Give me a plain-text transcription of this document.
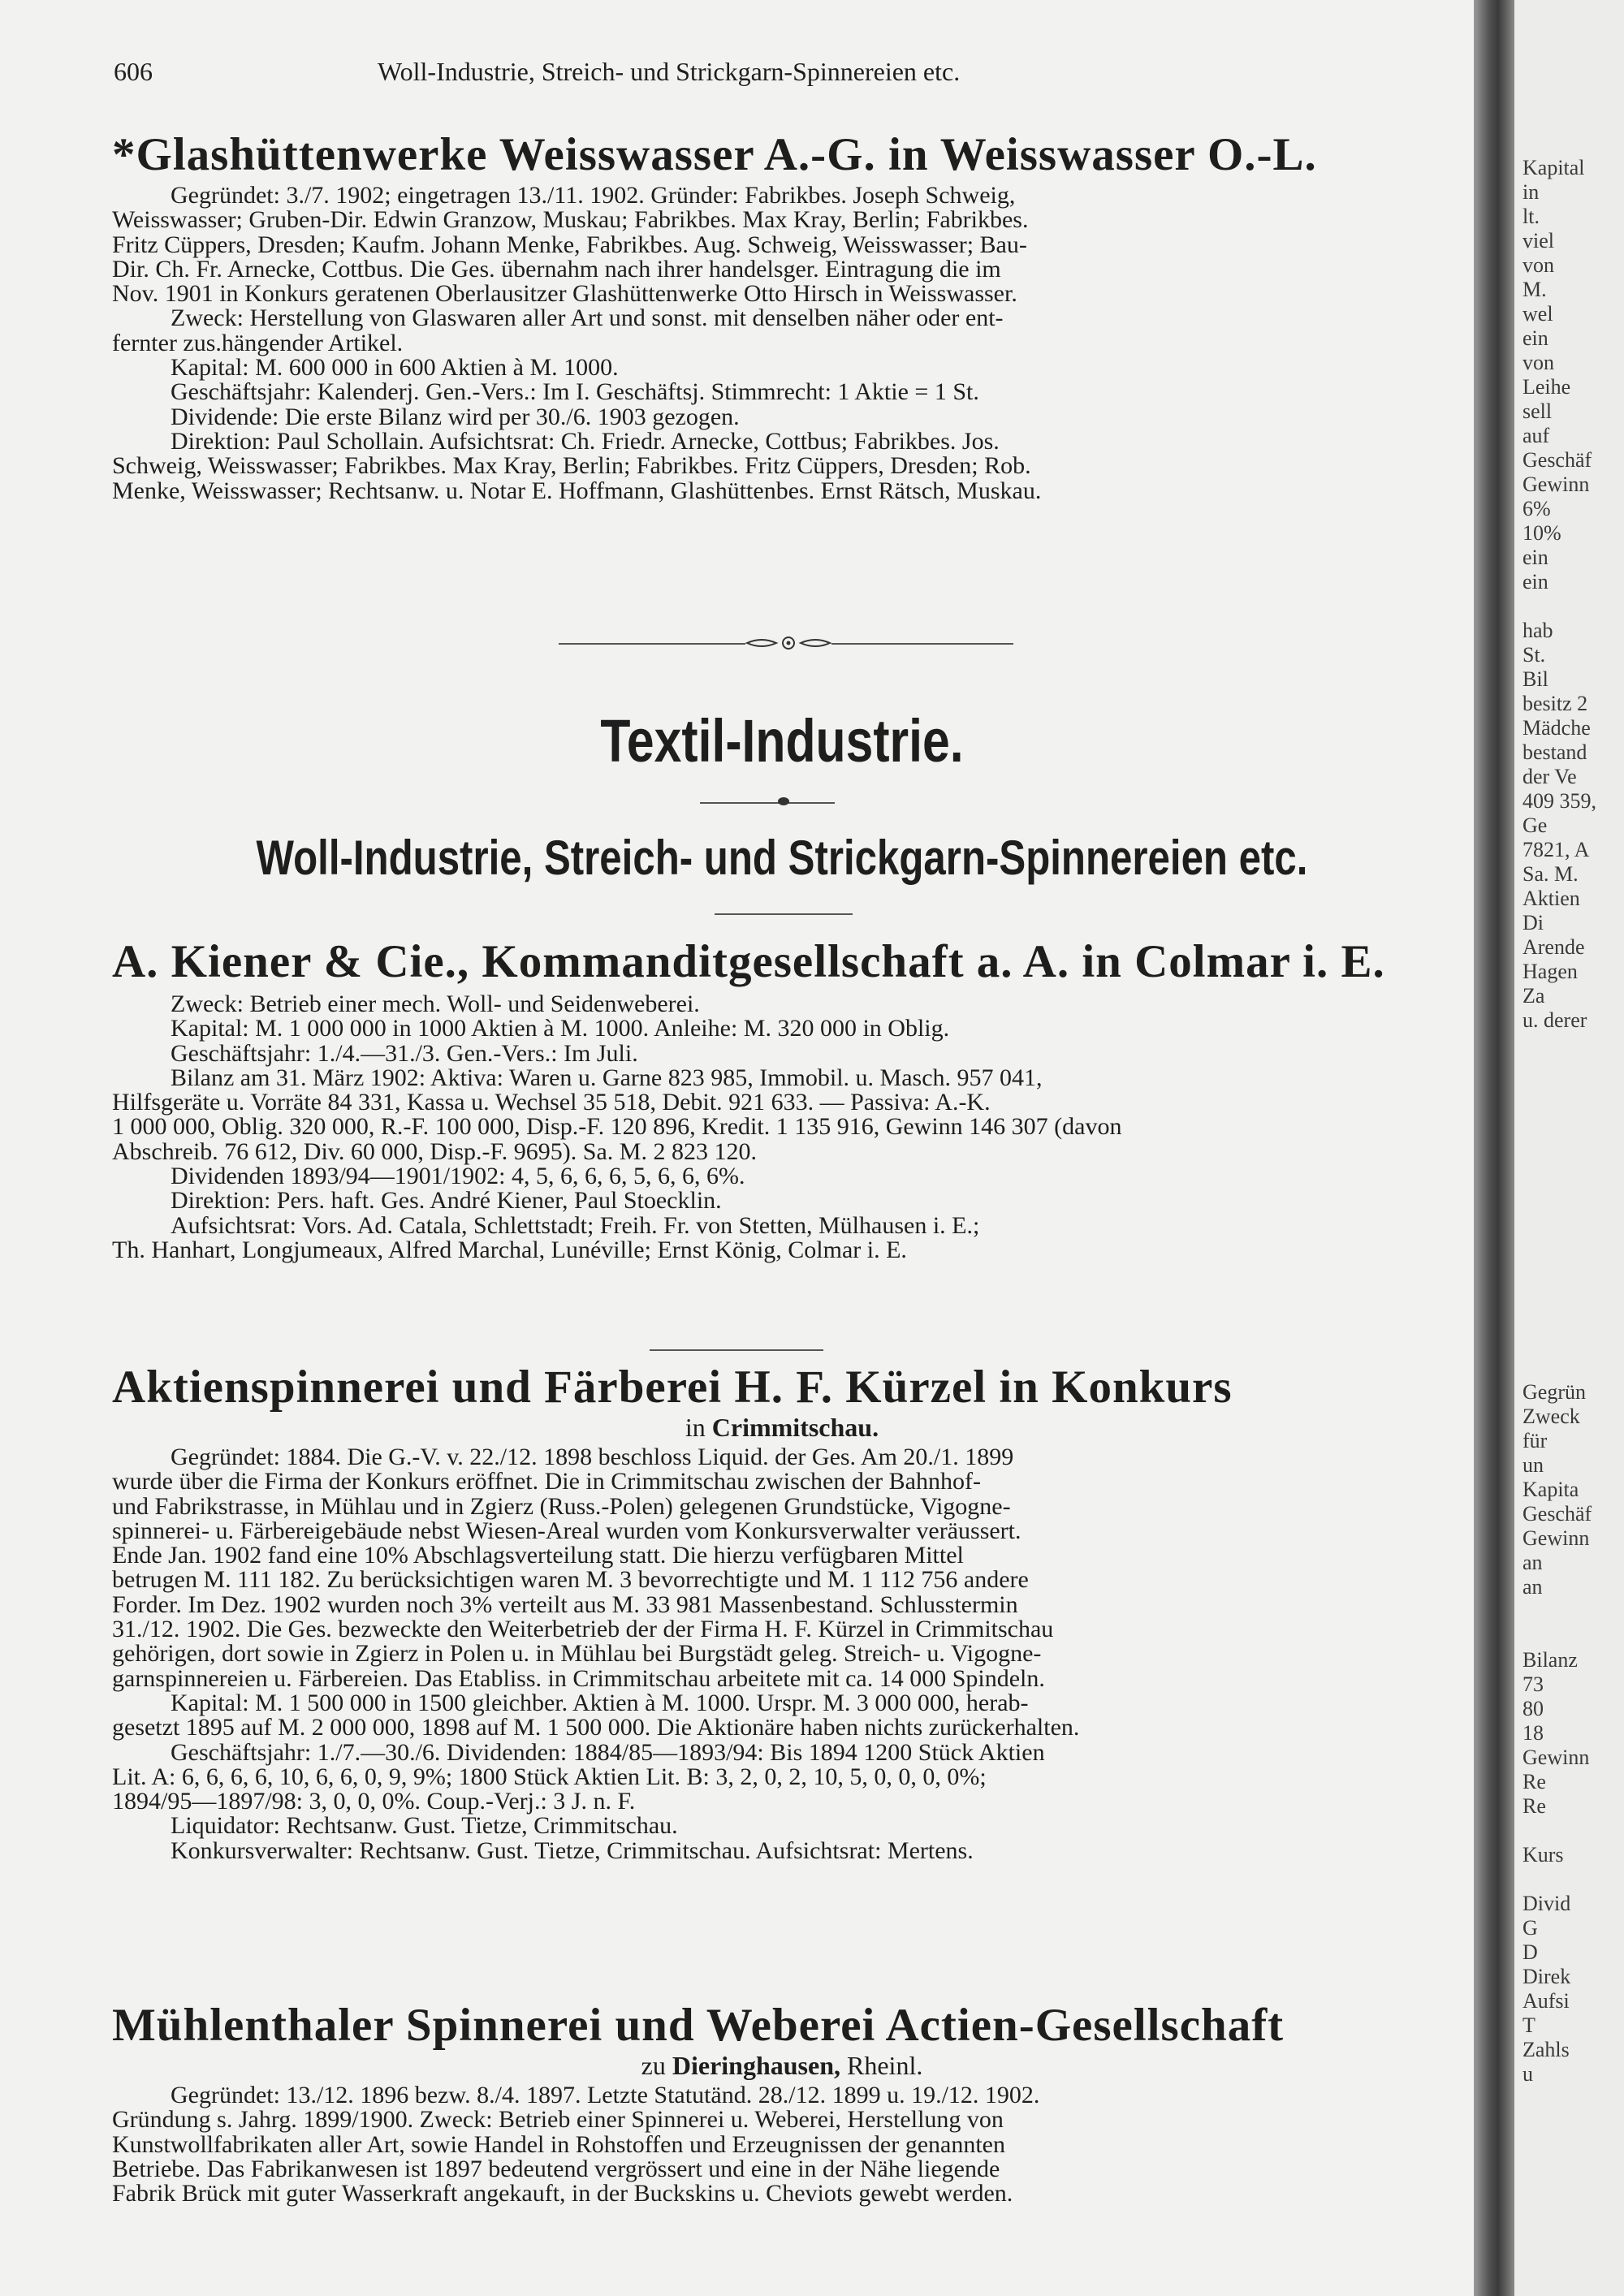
606	Woll-Industrie, Streich- und Strickgarn-Spinnereien etc.
*Glashüttenwerke Weisswasser A.-G. in Weisswasser O.-L.

Gegründet: 3./7. 1902; eingetragen 13./11. 1902. Gründer: Fabrikbes. Joseph Schweig,

Weisswasser; Gruben-Dir. Edwin Granzow, Muskau; Fabrikbes. Max Kray, Berlin; Fabrikbes.

Fritz Cüppers, Dresden; Kaufm. Johann Menke, Fabrikbes. Aug. Schweig, Weisswasser; Bau-

Dir. Ch. Fr. Arnecke, Cottbus. Die Ges. übernahm nach ihrer handelsger. Eintragung die im

Nov. 1901 in Konkurs geratenen Oberlausitzer Glashüttenwerke Otto Hirsch in Weisswasser.

Zweck: Herstellung von Glaswaren aller Art und sonst. mit denselben näher oder ent-

fernter zus.hängender Artikel.

Kapital: M. 600 000 in 600 Aktien à M. 1000.

Geschäftsjahr: Kalenderj. Gen.-Vers.: Im I. Geschäftsj. Stimmrecht: 1 Aktie = 1 St.

Dividende: Die erste Bilanz wird per 30./6. 1903 gezogen.

Direktion: Paul Schollain. Aufsichtsrat: Ch. Friedr. Arnecke, Cottbus; Fabrikbes. Jos.

Schweig, Weisswasser; Fabrikbes. Max Kray, Berlin; Fabrikbes. Fritz Cüppers, Dresden; Rob.

Menke, Weisswasser; Rechtsanw. u. Notar E. Hoffmann, Glashüttenbes. Ernst Rätsch, Muskau.

Textil-Industrie.
Woll-Industrie, Streich- und Strickgarn-Spinnereien etc.
A. Kiener & Cie., Kommanditgesellschaft a. A. in Colmar i. E.

Zweck: Betrieb einer mech. Woll- und Seidenweberei.

Kapital: M. 1 000 000 in 1000 Aktien à M. 1000. Anleihe: M. 320 000 in Oblig.

Geschäftsjahr: 1./4.—31./3. Gen.-Vers.: Im Juli.

Bilanz am 31. März 1902: Aktiva: Waren u. Garne 823 985, Immobil. u. Masch. 957 041,

Hilfsgeräte u. Vorräte 84 331, Kassa u. Wechsel 35 518, Debit. 921 633. — Passiva: A.-K.

1 000 000, Oblig. 320 000, R.-F. 100 000, Disp.-F. 120 896, Kredit. 1 135 916, Gewinn 146 307 (davon

Abschreib. 76 612, Div. 60 000, Disp.-F. 9695). Sa. M. 2 823 120.

Dividenden 1893/94—1901/1902: 4, 5, 6, 6, 6, 5, 6, 6, 6%.

Direktion: Pers. haft. Ges. André Kiener, Paul Stoecklin.

Aufsichtsrat: Vors. Ad. Catala, Schlettstadt; Freih. Fr. von Stetten, Mülhausen i. E.;

Th. Hanhart, Longjumeaux, Alfred Marchal, Lunéville; Ernst König, Colmar i. E.

Aktienspinnerei und Färberei H. F. Kürzel in Konkurs
in Crimmitschau.

Gegründet: 1884. Die G.-V. v. 22./12. 1898 beschloss Liquid. der Ges. Am 20./1. 1899

wurde über die Firma der Konkurs eröffnet. Die in Crimmitschau zwischen der Bahnhof-

und Fabrikstrasse, in Mühlau und in Zgierz (Russ.-Polen) gelegenen Grundstücke, Vigogne-

spinnerei- u. Färbereigebäude nebst Wiesen-Areal wurden vom Konkursverwalter veräussert.

Ende Jan. 1902 fand eine 10% Abschlagsverteilung statt. Die hierzu verfügbaren Mittel

betrugen M. 111 182. Zu berücksichtigen waren M. 3 bevorrechtigte und M. 1 112 756 andere

Forder. Im Dez. 1902 wurden noch 3% verteilt aus M. 33 981 Massenbestand. Schlusstermin

31./12. 1902. Die Ges. bezweckte den Weiterbetrieb der der Firma H. F. Kürzel in Crimmitschau

gehörigen, dort sowie in Zgierz in Polen u. in Mühlau bei Burgstädt geleg. Streich- u. Vigogne-

garnspinnereien u. Färbereien. Das Etabliss. in Crimmitschau arbeitete mit ca. 14 000 Spindeln.

Kapital: M. 1 500 000 in 1500 gleichber. Aktien à M. 1000. Urspr. M. 3 000 000, herab-

gesetzt 1895 auf M. 2 000 000, 1898 auf M. 1 500 000. Die Aktionäre haben nichts zurückerhalten.

Geschäftsjahr: 1./7.—30./6. Dividenden: 1884/85—1893/94: Bis 1894 1200 Stück Aktien

Lit. A: 6, 6, 6, 6, 10, 6, 6, 0, 9, 9%; 1800 Stück Aktien Lit. B: 3, 2, 0, 2, 10, 5, 0, 0, 0, 0%;

1894/95—1897/98: 3, 0, 0, 0%. Coup.-Verj.: 3 J. n. F.

Liquidator: Rechtsanw. Gust. Tietze, Crimmitschau.

Konkursverwalter: Rechtsanw. Gust. Tietze, Crimmitschau. Aufsichtsrat: Mertens.

Mühlenthaler Spinnerei und Weberei Actien-Gesellschaft
zu Dieringhausen, Rheinl.

Gegründet: 13./12. 1896 bezw. 8./4. 1897. Letzte Statutänd. 28./12. 1899 u. 19./12. 1902.

Gründung s. Jahrg. 1899/1900. Zweck: Betrieb einer Spinnerei u. Weberei, Herstellung von

Kunstwollfabrikaten aller Art, sowie Handel in Rohstoffen und Erzeugnissen der genannten

Betriebe. Das Fabrikanwesen ist 1897 bedeutend vergrössert und eine in der Nähe liegende

Fabrik Brück mit guter Wasserkraft angekauft, in der Buckskins u. Cheviots gewebt werden.

Kapital
in
lt.
viel
von
M.
wel
ein
von
Leihe
sell
auf
Geschäf
Gewinn
6%
10%
ein
ein
hab
St.
Bil
besitz 2
Mädche
bestand
der Ve
409 359,
Ge
7821, A
Sa. M.
Aktien
Di
Arende
Hagen
Za
u. derer
Gegrün
Zweck
für
un
Kapita
Geschäf
Gewinn
an
an
Bilanz
73
80
18
Gewinn
Re
Re
Kurs
Divid
G
D
Direk
Aufsi
T
Zahls
u
